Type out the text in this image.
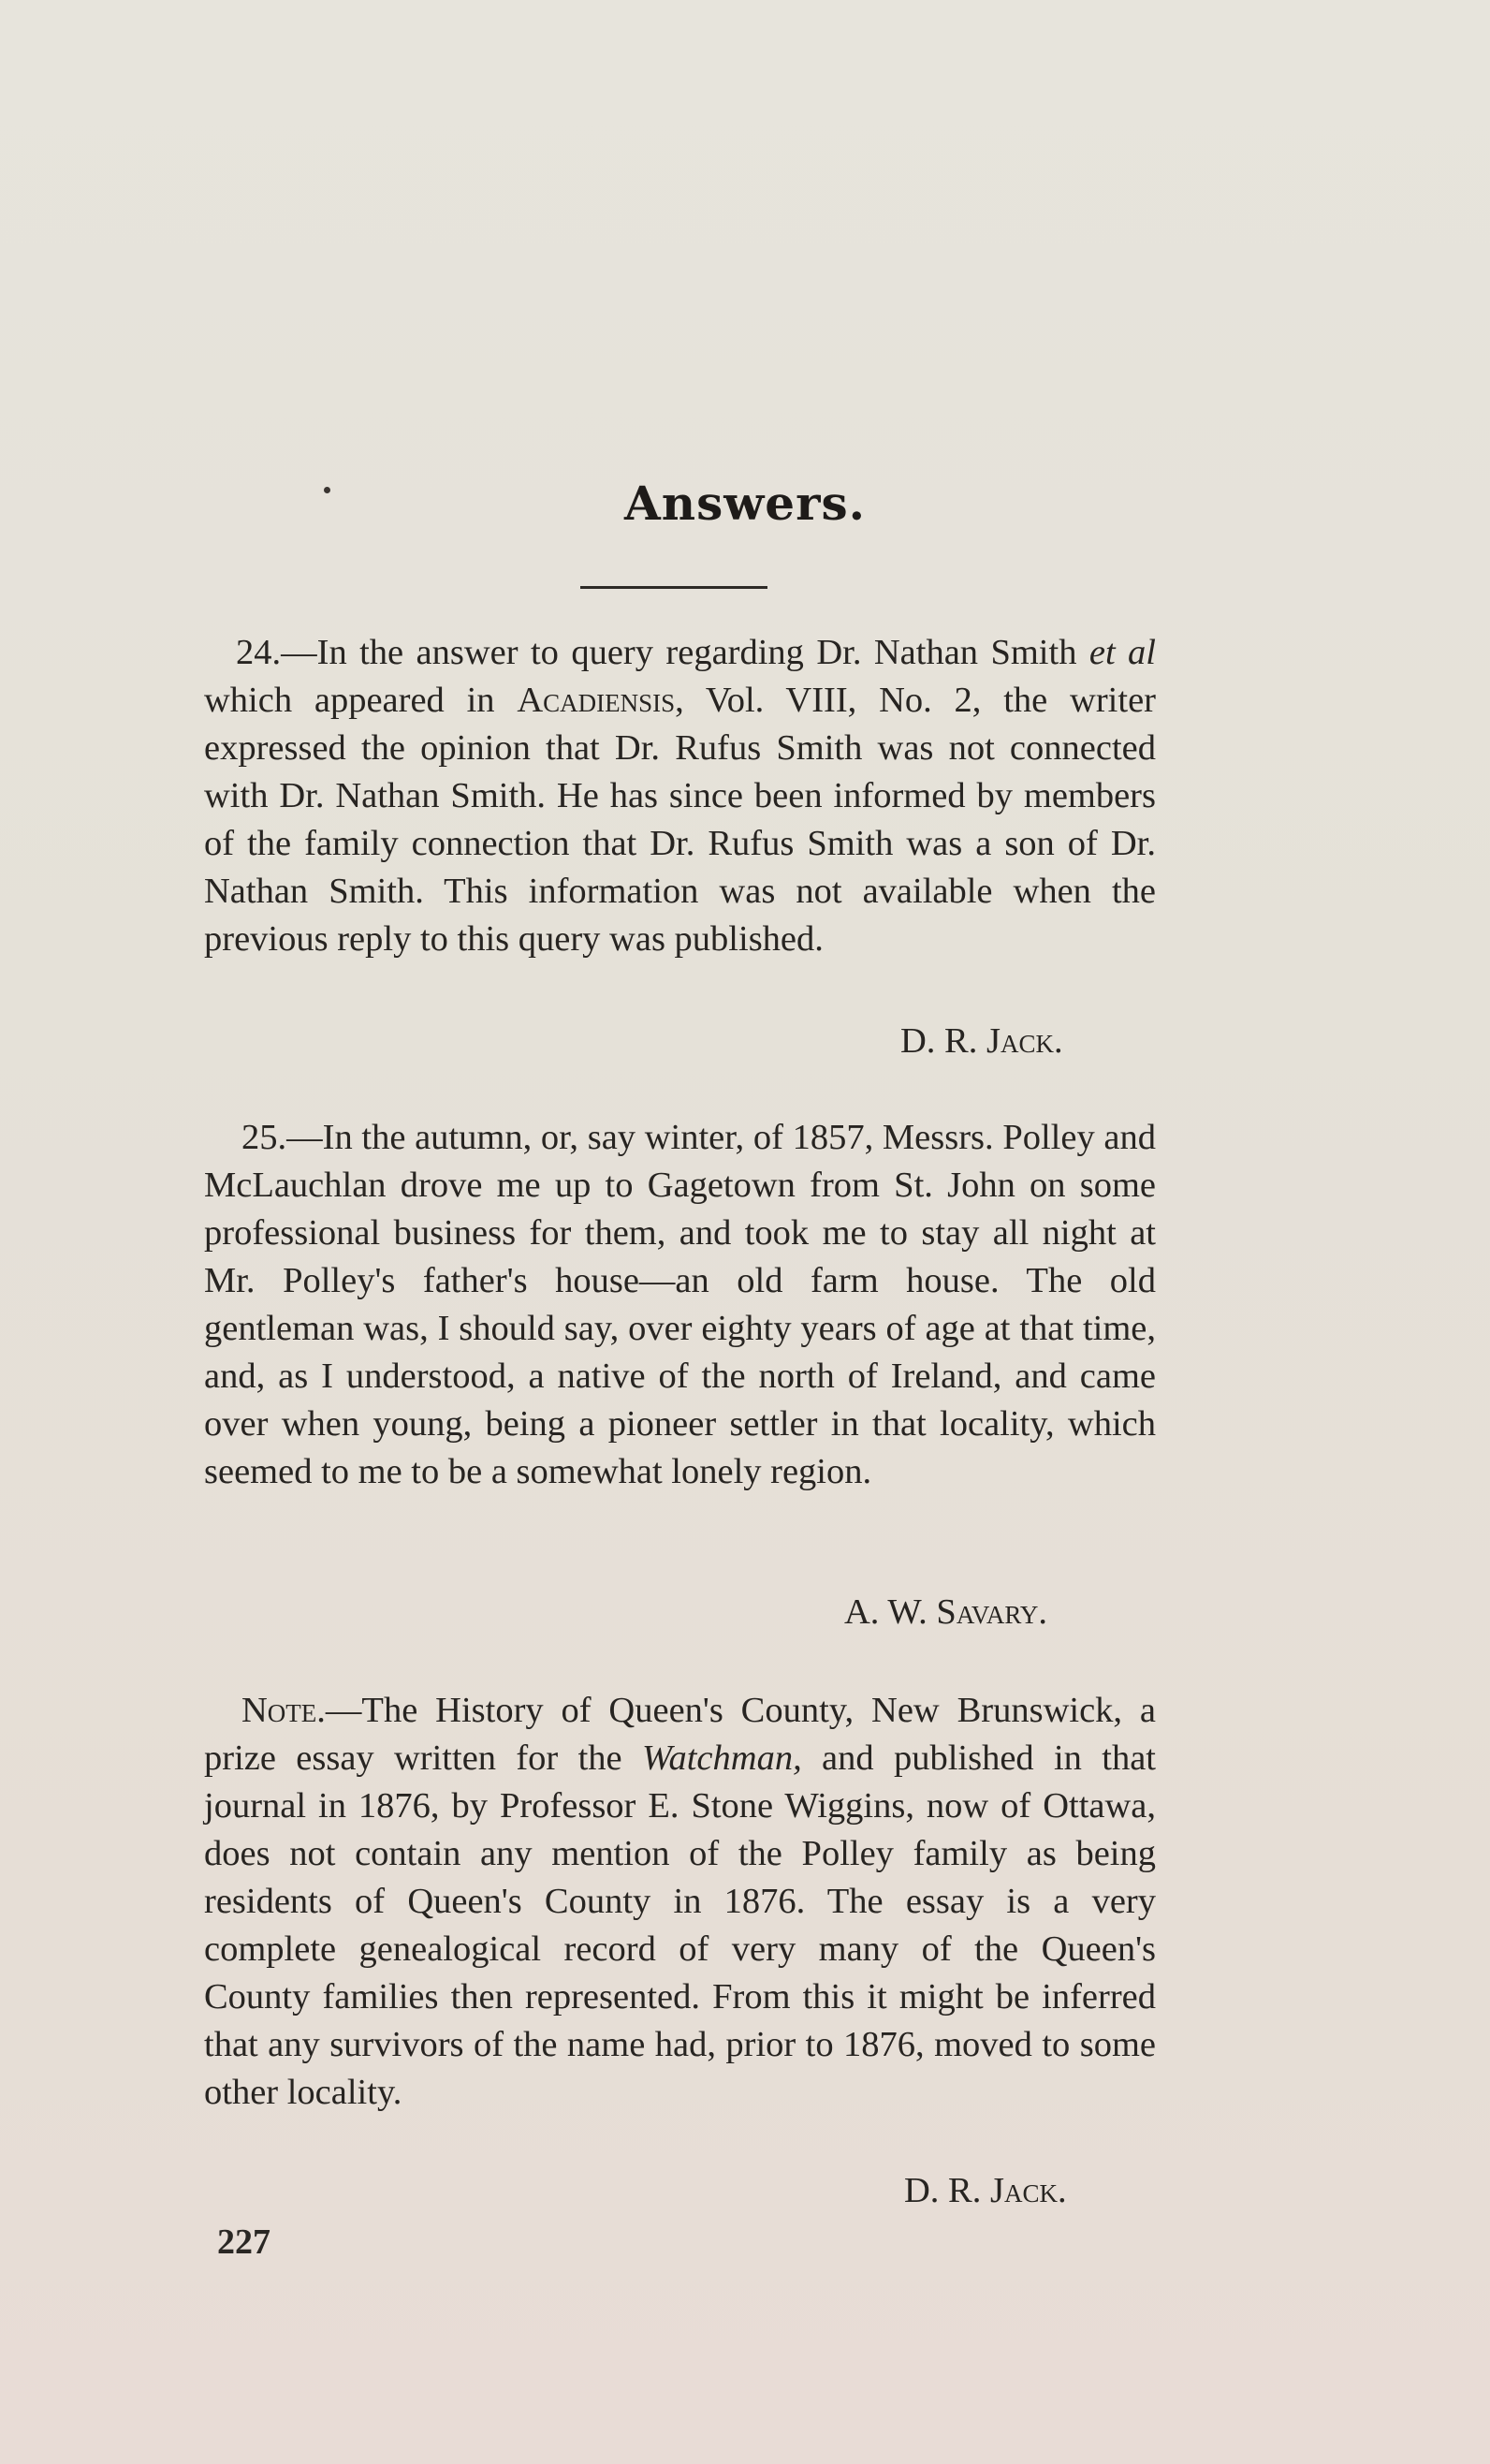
Answers.

24.—In the answer to query regarding Dr. Nathan Smith et al which appeared in Acadiensis, Vol. VIII, No. 2, the writer expressed the opinion that Dr. Rufus Smith was not connected with Dr. Nathan Smith. He has since been informed by members of the family connection that Dr. Rufus Smith was a son of Dr. Nathan Smith. This information was not available when the previous reply to this query was published.

D. R. Jack.

25.—In the autumn, or, say winter, of 1857, Messrs. Polley and McLauchlan drove me up to Gagetown from St. John on some professional business for them, and took me to stay all night at Mr. Polley's father's house—an old farm house. The old gentleman was, I should say, over eighty years of age at that time, and, as I understood, a native of the north of Ireland, and came over when young, being a pioneer settler in that locality, which seemed to me to be a somewhat lonely region.

A. W. Savary.

Note.—The History of Queen's County, New Brunswick, a prize essay written for the Watchman, and published in that journal in 1876, by Professor E. Stone Wiggins, now of Ottawa, does not contain any mention of the Polley family as being residents of Queen's County in 1876. The essay is a very complete genealogical record of very many of the Queen's County families then represented. From this it might be inferred that any survivors of the name had, prior to 1876, moved to some other locality.

D. R. Jack.
227
